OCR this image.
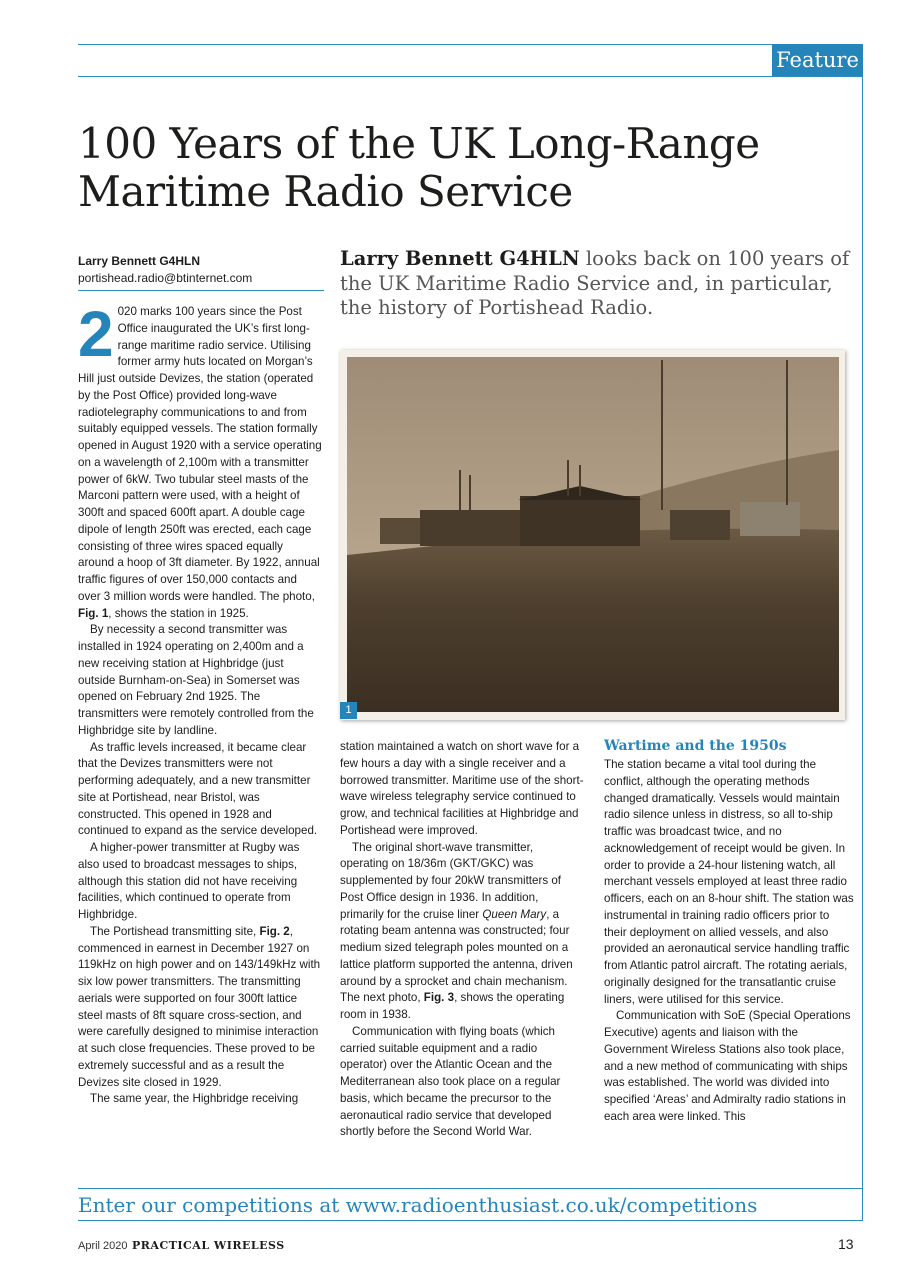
Feature
100 Years of the UK Long-Range Maritime Radio Service
Larry Bennett G4HLN
portishead.radio@btinternet.com

Larry Bennett G4HLN looks back on 100 years of the UK Maritime Radio Service and, in particular, the history of Portishead Radio.

1

2 020 marks 100 years since the Post Office inaugurated the UK’s first long-range maritime radio service. Utilising former army huts located on Morgan’s Hill just outside Devizes, the station (operated by the Post Office) provided long-wave radiotelegraphy communications to and from suitably equipped vessels. The station formally opened in August 1920 with a service operating on a wavelength of 2,100m with a transmitter power of 6kW. Two tubular steel masts of the Marconi pattern were used, with a height of 300ft and spaced 600ft apart. A double cage dipole of length 250ft was erected, each cage consisting of three wires spaced equally around a hoop of 3ft diameter. By 1922, annual traffic figures of over 150,000 contacts and over 3 million words were handled. The photo, Fig. 1, shows the station in 1925.

By necessity a second transmitter was installed in 1924 operating on 2,400m and a new receiving station at Highbridge (just outside Burnham-on-Sea) in Somerset was opened on February 2nd 1925. The transmitters were remotely controlled from the Highbridge site by landline.

As traffic levels increased, it became clear that the Devizes transmitters were not performing adequately, and a new transmitter site at Portishead, near Bristol, was constructed. This opened in 1928 and continued to expand as the service developed.

A higher-power transmitter at Rugby was also used to broadcast messages to ships, although this station did not have receiving facilities, which continued to operate from Highbridge.

The Portishead transmitting site, Fig. 2, commenced in earnest in December 1927 on 119kHz on high power and on 143/149kHz with six low power transmitters. The transmitting aerials were supported on four 300ft lattice steel masts of 8ft square cross-section, and were carefully designed to minimise interaction at such close frequencies. These proved to be extremely successful and as a result the Devizes site closed in 1929.

The same year, the Highbridge receiving

station maintained a watch on short wave for a few hours a day with a single receiver and a borrowed transmitter. Maritime use of the short-wave wireless telegraphy service continued to grow, and technical facilities at Highbridge and Portishead were improved.

The original short-wave transmitter, operating on 18/36m (GKT/GKC) was supplemented by four 20kW transmitters of Post Office design in 1936. In addition, primarily for the cruise liner Queen Mary, a rotating beam antenna was constructed; four medium sized telegraph poles mounted on a lattice platform supported the antenna, driven around by a sprocket and chain mechanism. The next photo, Fig. 3, shows the operating room in 1938.

Communication with flying boats (which carried suitable equipment and a radio operator) over the Atlantic Ocean and the Mediterranean also took place on a regular basis, which became the precursor to the aeronautical radio service that developed shortly before the Second World War.

Wartime and the 1950s

The station became a vital tool during the conflict, although the operating methods changed dramatically. Vessels would maintain radio silence unless in distress, so all to-ship traffic was broadcast twice, and no acknowledgement of receipt would be given. In order to provide a 24-hour listening watch, all merchant vessels employed at least three radio officers, each on an 8-hour shift. The station was instrumental in training radio officers prior to their deployment on allied vessels, and also provided an aeronautical service handling traffic from Atlantic patrol aircraft. The rotating aerials, originally designed for the transatlantic cruise liners, were utilised for this service.

Communication with SoE (Special Operations Executive) agents and liaison with the Government Wireless Stations also took place, and a new method of communicating with ships was established. The world was divided into specified ‘Areas’ and Admiralty radio stations in each area were linked. This

Enter our competitions at www.radioenthusiast.co.uk/competitions
April 2020 PRACTICAL WIRELESS	13
